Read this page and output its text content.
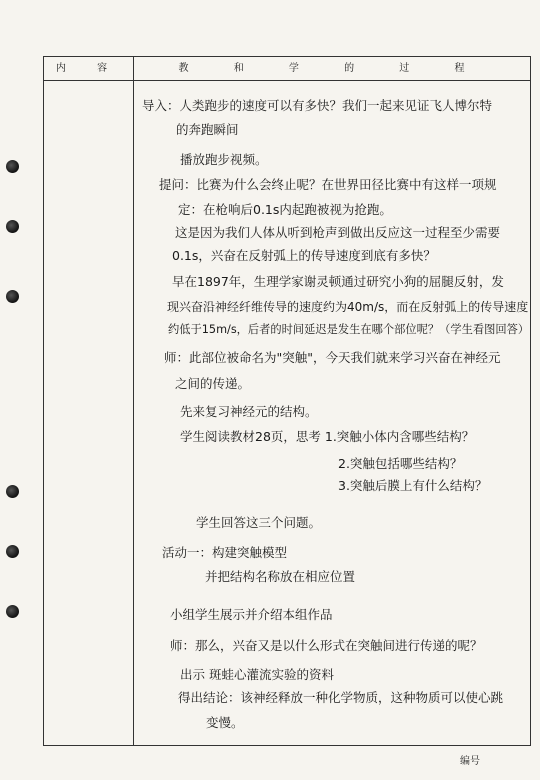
内 容	教 和 学 的 过 程
导入：人类跑步的速度可以有多快？我们一起来见证飞人博尔特
的奔跑瞬间
播放跑步视频。
提问：比赛为什么会终止呢？在世界田径比赛中有这样一项规
定：在枪响后0.1s内起跑被视为抢跑。
这是因为我们人体从听到枪声到做出反应这一过程至少需要
0.1s，兴奋在反射弧上的传导速度到底有多快？
早在1897年，生理学家谢灵顿通过研究小狗的屈腿反射，发
现兴奋沿神经纤维传导的速度约为40m/s，而在反射弧上的传导速度
约低于15m/s，后者的时间延迟是发生在哪个部位呢？（学生看图回答）
师：此部位被命名为"突触"，今天我们就来学习兴奋在神经元
之间的传递。
先来复习神经元的结构。
学生阅读教材28页，思考 1.突触小体内含哪些结构？
2.突触包括哪些结构？
3.突触后膜上有什么结构？
学生回答这三个问题。
活动一：构建突触模型
并把结构名称放在相应位置
小组学生展示并介绍本组作品
师：那么，兴奋又是以什么形式在突触间进行传递的呢？
出示 斑蛙心灌流实验的资料
得出结论：该神经释放一种化学物质，这种物质可以使心跳
变慢。
编号
